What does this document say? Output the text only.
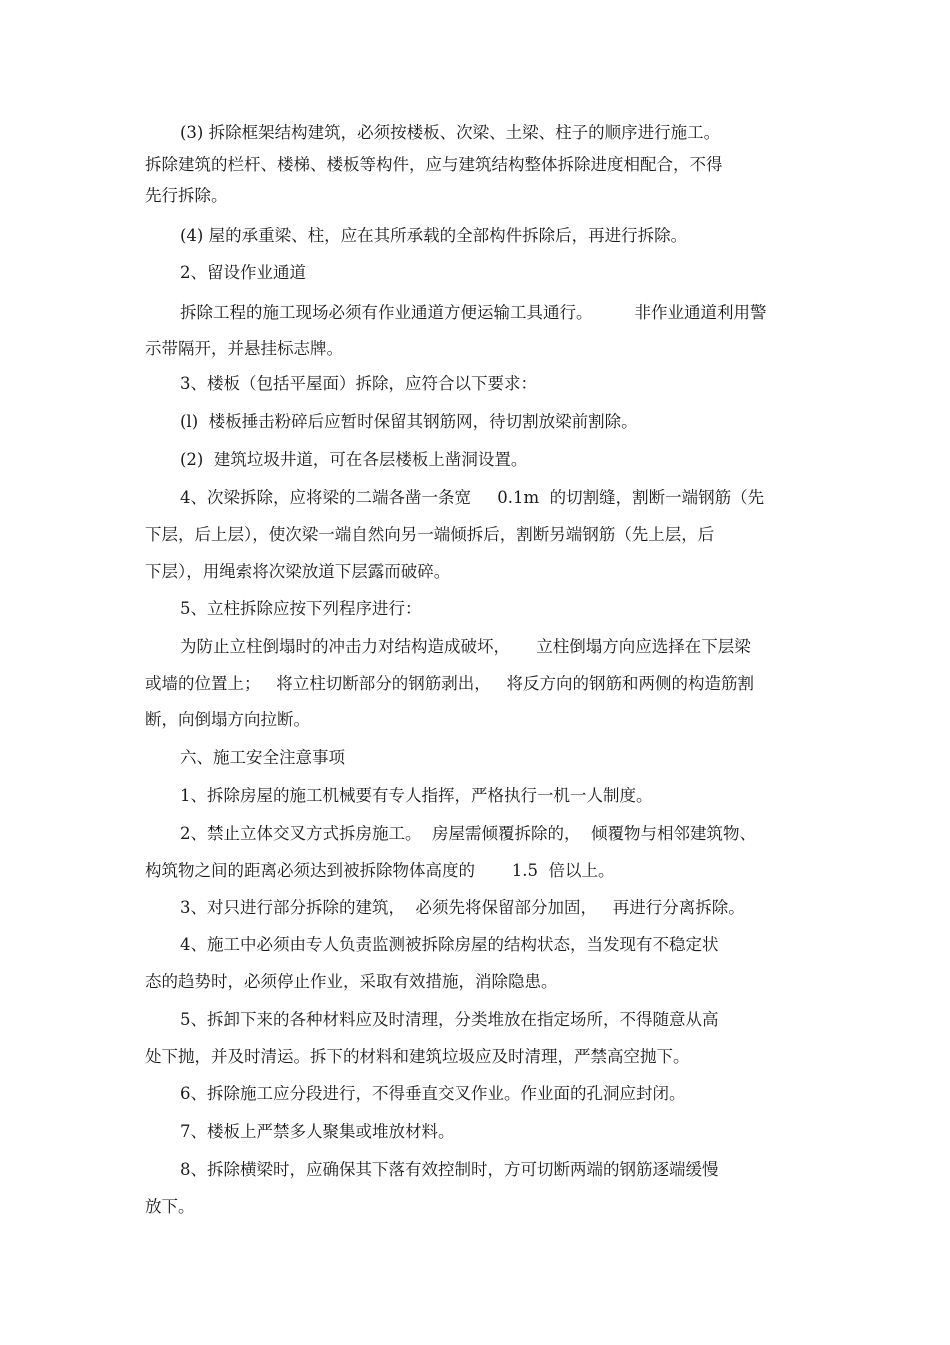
(3) 拆除框架结构建筑，必须按楼板、次梁、土梁、柱子的顺序进行施工。
拆除建筑的栏杆、楼梯、楼板等构件，应与建筑结构整体拆除进度相配合，不得
先行拆除。
(4) 屋的承重梁、柱，应在其所承载的全部构件拆除后，再进行拆除。
2、留设作业通道
拆除工程的施工现场必须有作业通道方便运输工具通行。        非作业通道利用警
示带隔开，并悬挂标志牌。
3、楼板（包括平屋面）拆除，应符合以下要求：
(l)  楼板捶击粉碎后应暂时保留其钢筋网，待切割放梁前割除。
(2)  建筑垃圾井道，可在各层楼板上凿洞设置。
4、次梁拆除，应将梁的二端各凿一条宽     0.1m  的切割缝，割断一端钢筋（先
下层，后上层），使次梁一端自然向另一端倾拆后，割断另端钢筋（先上层，后
下层），用绳索将次梁放道下层露而破碎。
5、立柱拆除应按下列程序进行：
为防止立柱倒塌时的冲击力对结构造成破坏，     立柱倒塌方向应选择在下层梁
或墙的位置上；   将立柱切断部分的钢筋剥出，   将反方向的钢筋和两侧的构造筋割
断，向倒塌方向拉断。
六、施工安全注意事项
1、拆除房屋的施工机械要有专人指挥，严格执行一机一人制度。
2、禁止立体交叉方式拆房施工。  房屋需倾覆拆除的，  倾覆物与相邻建筑物、
构筑物之间的距离必须达到被拆除物体高度的       1.5  倍以上。
3、对只进行部分拆除的建筑，  必须先将保留部分加固，   再进行分离拆除。
4、施工中必须由专人负责监测被拆除房屋的结构状态，当发现有不稳定状
态的趋势时，必须停止作业，采取有效措施，消除隐患。
5、拆卸下来的各种材料应及时清理，分类堆放在指定场所，不得随意从高
处下抛，并及时清运。拆下的材料和建筑垃圾应及时清理，严禁高空抛下。
6、拆除施工应分段进行，不得垂直交叉作业。作业面的孔洞应封闭。
7、楼板上严禁多人聚集或堆放材料。
8、拆除横梁时，应确保其下落有效控制时，方可切断两端的钢筋逐端缓慢
放下。
